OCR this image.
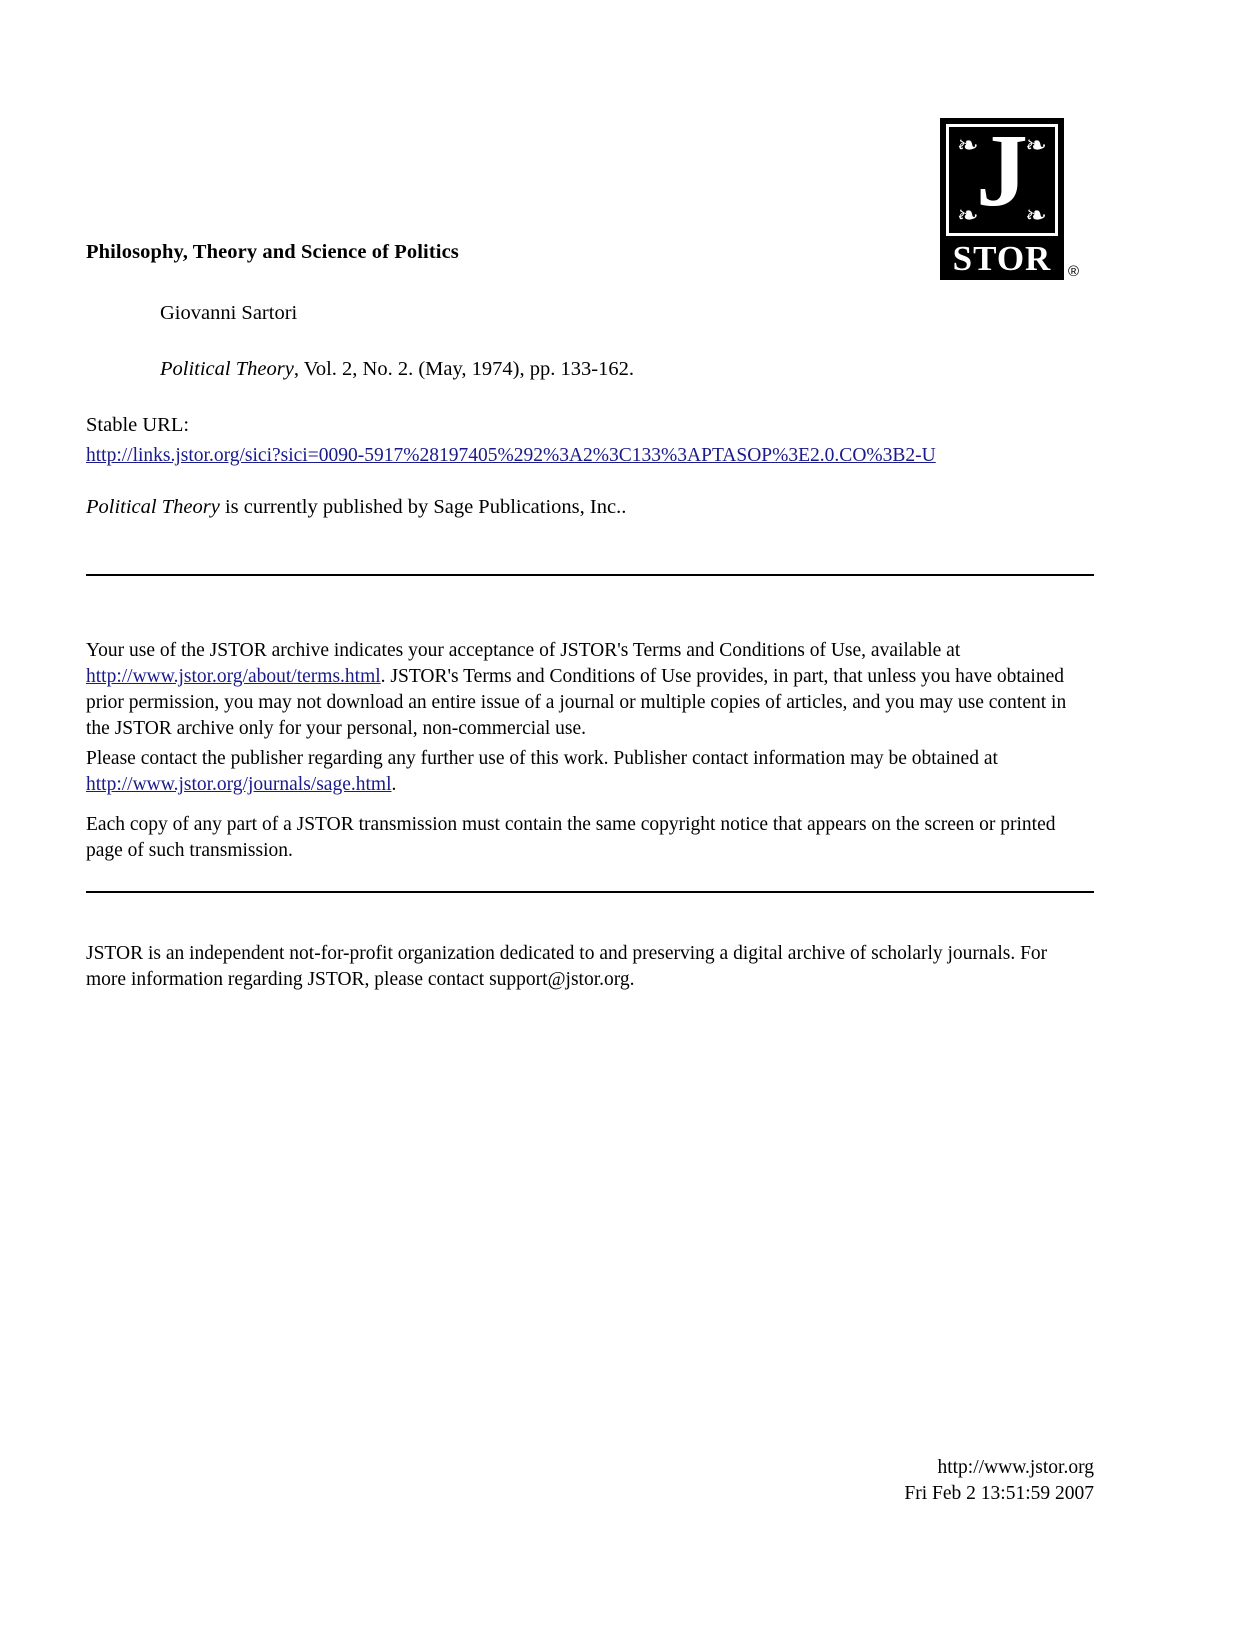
❧ ❧
❧ ❧
J
STOR	®
Philosophy, Theory and Science of Politics
Giovanni Sartori
Political Theory, Vol. 2, No. 2. (May, 1974), pp. 133-162.
Stable URL:
http://links.jstor.org/sici?sici=0090-5917%28197405%292%3A2%3C133%3APTASOP%3E2.0.CO%3B2-U
Political Theory is currently published by Sage Publications, Inc..
Your use of the JSTOR archive indicates your acceptance of JSTOR's Terms and Conditions of Use, available at http://www.jstor.org/about/terms.html. JSTOR's Terms and Conditions of Use provides, in part, that unless you have obtained prior permission, you may not download an entire issue of a journal or multiple copies of articles, and you may use content in the JSTOR archive only for your personal, non-commercial use.
Please contact the publisher regarding any further use of this work. Publisher contact information may be obtained at http://www.jstor.org/journals/sage.html.
Each copy of any part of a JSTOR transmission must contain the same copyright notice that appears on the screen or printed page of such transmission.
JSTOR is an independent not-for-profit organization dedicated to and preserving a digital archive of scholarly journals. For more information regarding JSTOR, please contact support@jstor.org.
http://www.jstor.org
Fri Feb 2 13:51:59 2007
